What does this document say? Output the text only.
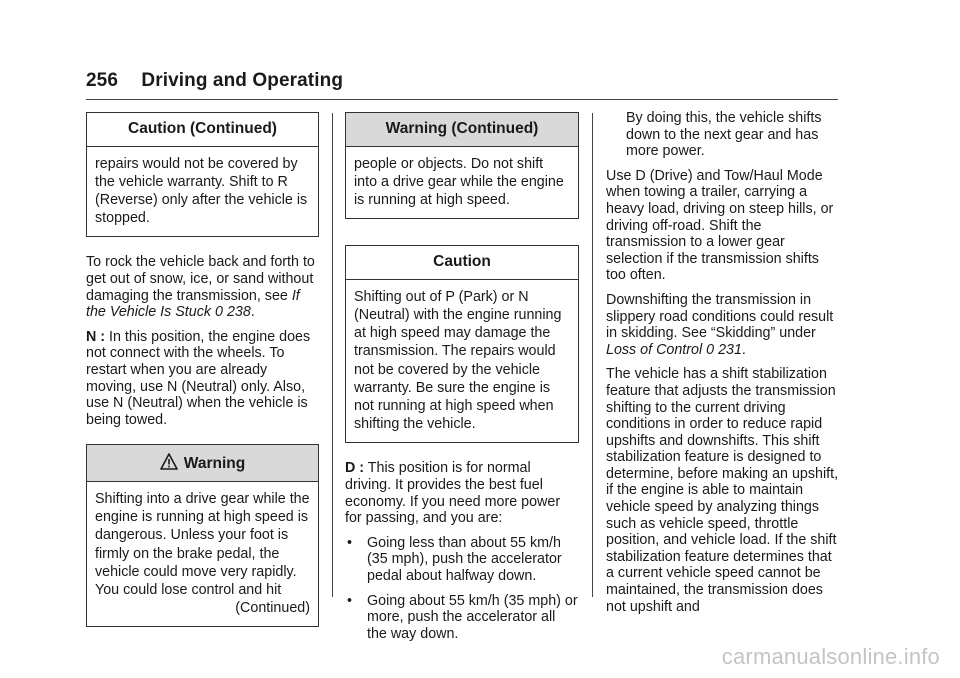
256 Driving and Operating
Caution (Continued)
repairs would not be covered by the vehicle warranty. Shift to R (Reverse) only after the vehicle is stopped.

To rock the vehicle back and forth to get out of snow, ice, or sand without damaging the transmission, see If the Vehicle Is Stuck 0 238.

N : In this position, the engine does not connect with the wheels. To restart when you are already moving, use N (Neutral) only. Also, use N (Neutral) when the vehicle is being towed.

Warning
Shifting into a drive gear while the engine is running at high speed is dangerous. Unless your foot is firmly on the brake pedal, the vehicle could move very rapidly. You could lose control and hit
(Continued)
Warning (Continued)
people or objects. Do not shift into a drive gear while the engine is running at high speed.
Caution
Shifting out of P (Park) or N (Neutral) with the engine running at high speed may damage the transmission. The repairs would not be covered by the vehicle warranty. Be sure the engine is not running at high speed when shifting the vehicle.

D : This position is for normal driving. It provides the best fuel economy. If you need more power for passing, and you are:

•	Going less than about 55 km/h (35 mph), push the accelerator pedal about halfway down.
•	Going about 55 km/h (35 mph) or more, push the accelerator all the way down.

By doing this, the vehicle shifts down to the next gear and has more power.

Use D (Drive) and Tow/Haul Mode when towing a trailer, carrying a heavy load, driving on steep hills, or driving off-road. Shift the transmission to a lower gear selection if the transmission shifts too often.

Downshifting the transmission in slippery road conditions could result in skidding. See “Skidding” under Loss of Control 0 231.

The vehicle has a shift stabilization feature that adjusts the transmission shifting to the current driving conditions in order to reduce rapid upshifts and downshifts. This shift stabilization feature is designed to determine, before making an upshift, if the engine is able to maintain vehicle speed by analyzing things such as vehicle speed, throttle position, and vehicle load. If the shift stabilization feature determines that a current vehicle speed cannot be maintained, the transmission does not upshift and

carmanualsonline.info
